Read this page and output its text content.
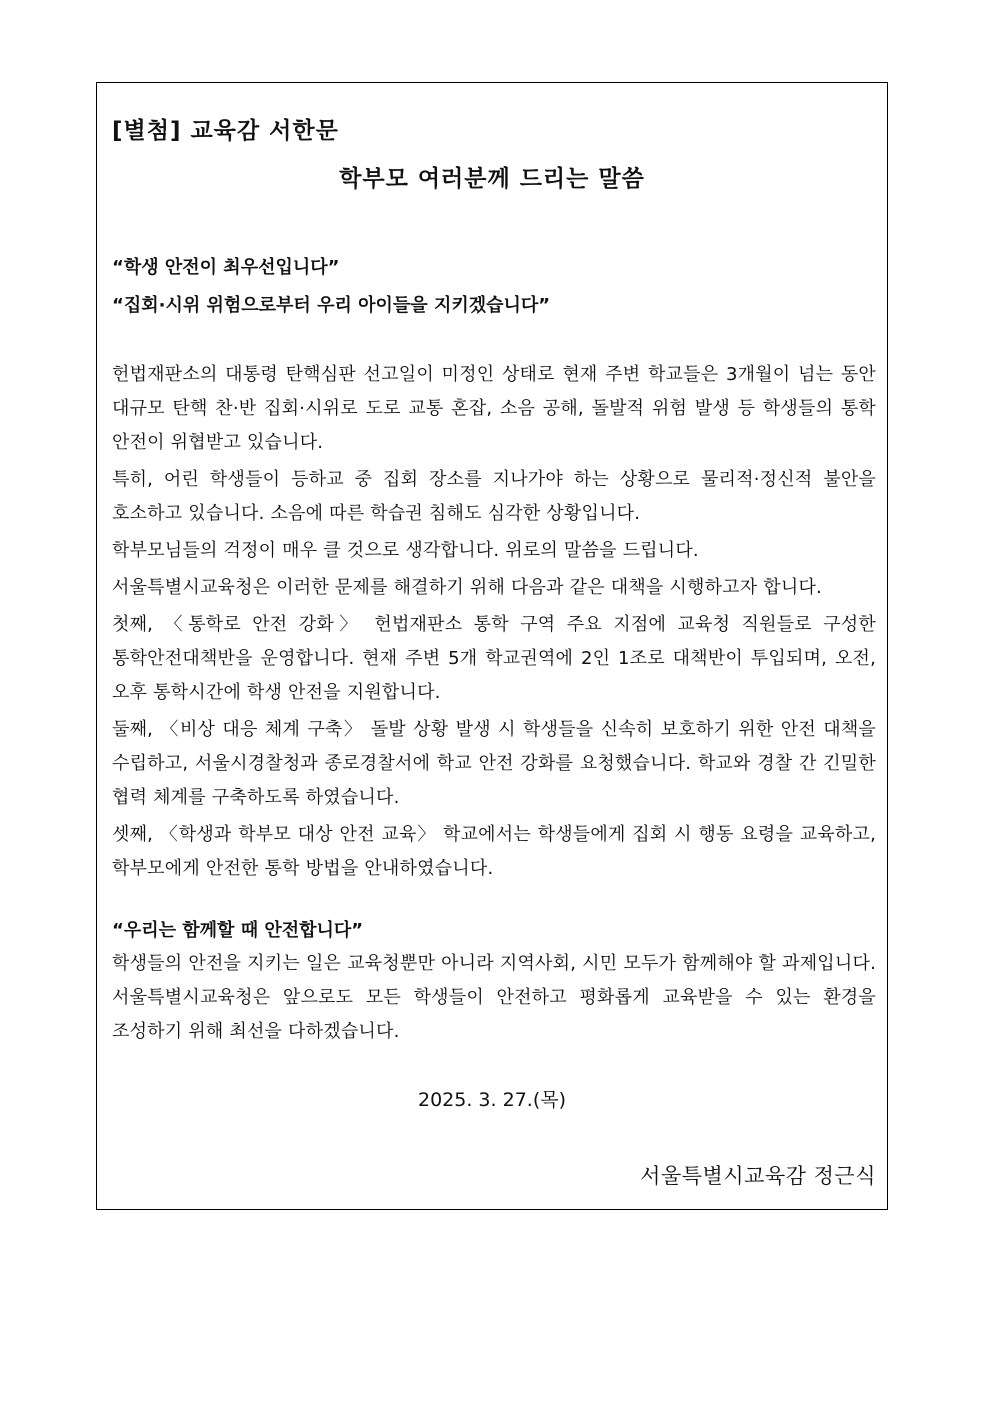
[별첨] 교육감 서한문
학부모 여러분께 드리는 말씀
“학생 안전이 최우선입니다”
“집회·시위 위험으로부터 우리 아이들을 지키겠습니다”

헌법재판소의 대통령 탄핵심판 선고일이 미정인 상태로 현재 주변 학교들은 3개월이 넘는 동안 대규모 탄핵 찬·반 집회·시위로 도로 교통 혼잡, 소음 공해, 돌발적 위험 발생 등 학생들의 통학 안전이 위협받고 있습니다.

특히, 어린 학생들이 등하교 중 집회 장소를 지나가야 하는 상황으로 물리적·정신적 불안을 호소하고 있습니다. 소음에 따른 학습권 침해도 심각한 상황입니다.

학부모님들의 걱정이 매우 클 것으로 생각합니다. 위로의 말씀을 드립니다.

서울특별시교육청은 이러한 문제를 해결하기 위해 다음과 같은 대책을 시행하고자 합니다.

첫째, 〈통학로 안전 강화〉 헌법재판소 통학 구역 주요 지점에 교육청 직원들로 구성한 통학안전대책반을 운영합니다. 현재 주변 5개 학교권역에 2인 1조로 대책반이 투입되며, 오전, 오후 통학시간에 학생 안전을 지원합니다.

둘째, 〈비상 대응 체계 구축〉 돌발 상황 발생 시 학생들을 신속히 보호하기 위한 안전 대책을 수립하고, 서울시경찰청과 종로경찰서에 학교 안전 강화를 요청했습니다. 학교와 경찰 간 긴밀한 협력 체계를 구축하도록 하였습니다.

셋째, 〈학생과 학부모 대상 안전 교육〉 학교에서는 학생들에게 집회 시 행동 요령을 교육하고, 학부모에게 안전한 통학 방법을 안내하였습니다.

“우리는 함께할 때 안전합니다”

학생들의 안전을 지키는 일은 교육청뿐만 아니라 지역사회, 시민 모두가 함께해야 할 과제입니다. 서울특별시교육청은 앞으로도 모든 학생들이 안전하고 평화롭게 교육받을 수 있는 환경을 조성하기 위해 최선을 다하겠습니다.

2025. 3. 27.(목)
서울특별시교육감 정근식
